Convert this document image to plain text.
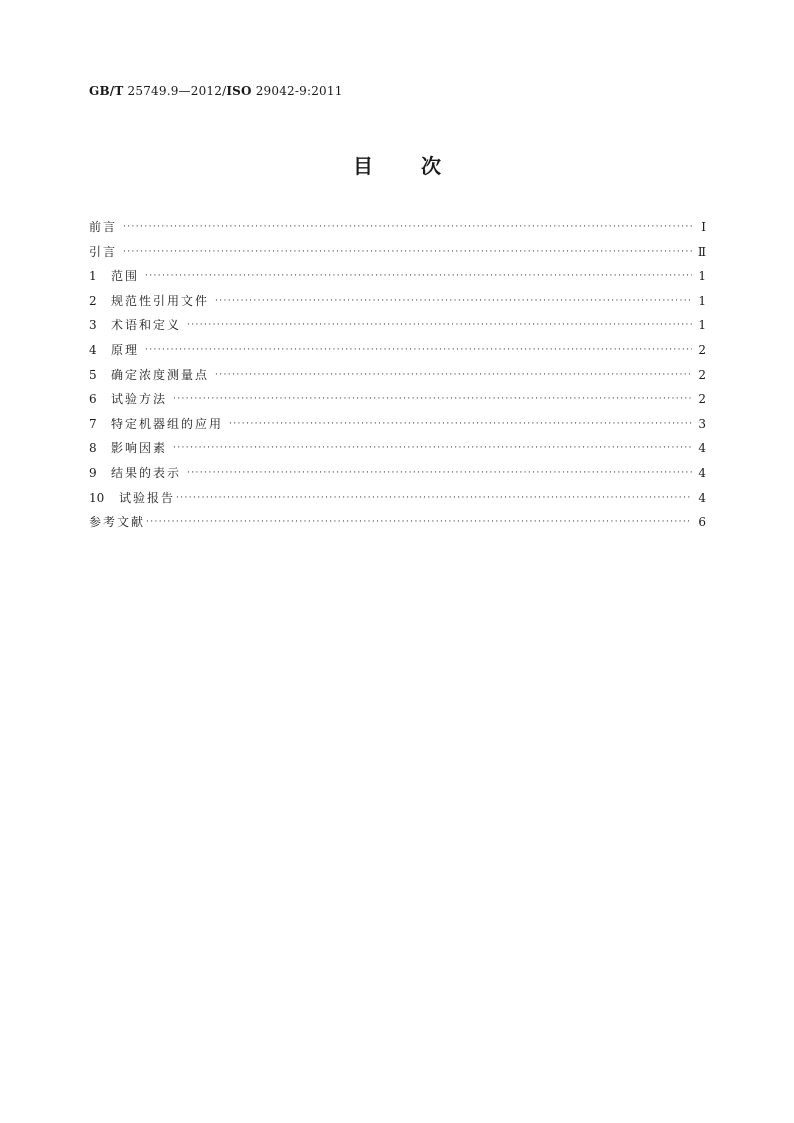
GB/T 25749.9—2012/ISO 29042-9:2011
目 次
前言 ·····	Ⅰ
引言 ·····	Ⅱ
1	范围 ·····	1
2	规范性引用文件 ·····	1
3	术语和定义 ·····	1
4	原理 ·····	2
5	确定浓度测量点 ·····	2
6	试验方法 ·····	2
7	特定机器组的应用 ·····	3
8	影响因素 ·····	4
9	结果的表示 ·····	4
10	试验报告 ·····	4
参考文献 ·····	6
